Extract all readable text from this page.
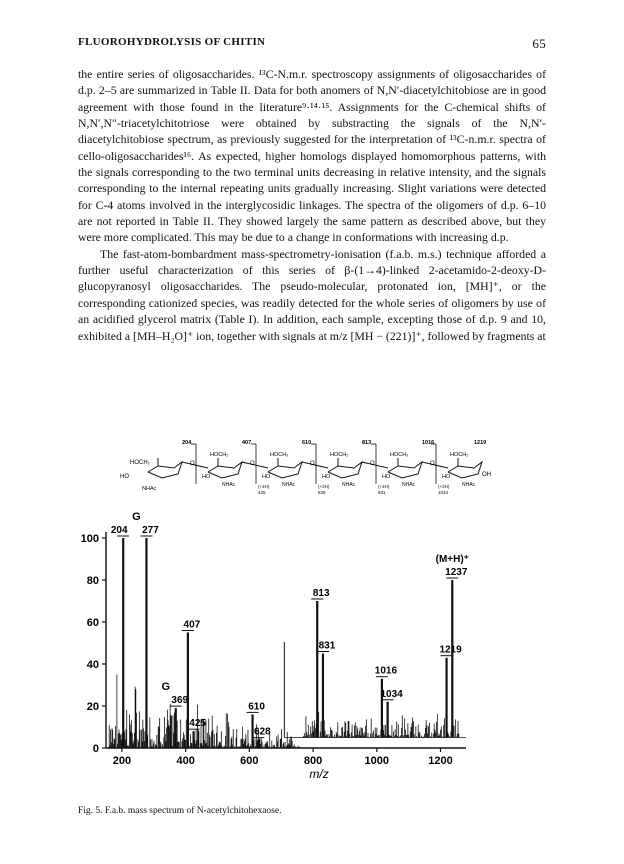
FLUOROHYDROLYSIS OF CHITIN	65

the entire series of oligosaccharides. ¹³C-N.m.r. spectroscopy assignments of oligosaccharides of d.p. 2–5 are summarized in Table II. Data for both anomers of N,N′-diacetylchitobiose are in good agreement with those found in the literature⁹·¹⁴·¹⁵. Assignments for the C-chemical shifts of N,N′,N″-triacetylchitotriose were obtained by substracting the signals of the N,N′-diacetylchitobiose spectrum, as previously suggested for the interpretation of ¹³C-n.m.r. spectra of cello-oligosaccharides¹⁶. As expected, higher homologs displayed homomorphous patterns, with the signals corresponding to the two terminal units decreasing in relative intensity, and the signals corresponding to the internal repeating units gradually increasing. Slight variations were detected for C-4 atoms involved in the interglycosidic linkages. The spectra of the oligomers of d.p. 6–10 are not reported in Table II. They showed largely the same pattern as described above, but they were more complicated. This may be due to a change in conformations with increasing d.p.

The fast-atom-bombardment mass-spectrometry-ionisation (f.a.b. m.s.) technique afforded a further useful characterization of this series of β-(1→4)-linked 2-acetamido-2-deoxy-D-glucopyranosyl oligosaccharides. The pseudo-molecular, protonated ion, [MH]⁺, or the corresponding cationized species, was readily detected for the whole series of oligomers by use of an acidified glycerol matrix (Table I). In addition, each sample, excepting those of d.p. 9 and 10, exhibited a [MH–H₂O]⁺ ion, together with signals at m/z [MH − (221)]⁺, followed by fragments at

HOCH₂
HO
NHAc
OH
O
204
HOCH₂
HO
NHAc
O
407
(+2H)
425
HOCH₂
HO
NHAc
O
610
(+2H)
628
HOCH₂
HO
NHAc
O
813
(+2H)
831
HOCH₂
HO
NHAc
O
1016
(+2H)
1034
HOCH₂
HO
NHAc
1219
0
20
40
60
80
100
200	400	600	800	1000	1200
m/z
204 277
369
407
425
610
628
813
831
1016
1034
1219
1237
G
G
(M+H)⁺
Fig. 5. F.a.b. mass spectrum of N-acetylchitohexaose.
